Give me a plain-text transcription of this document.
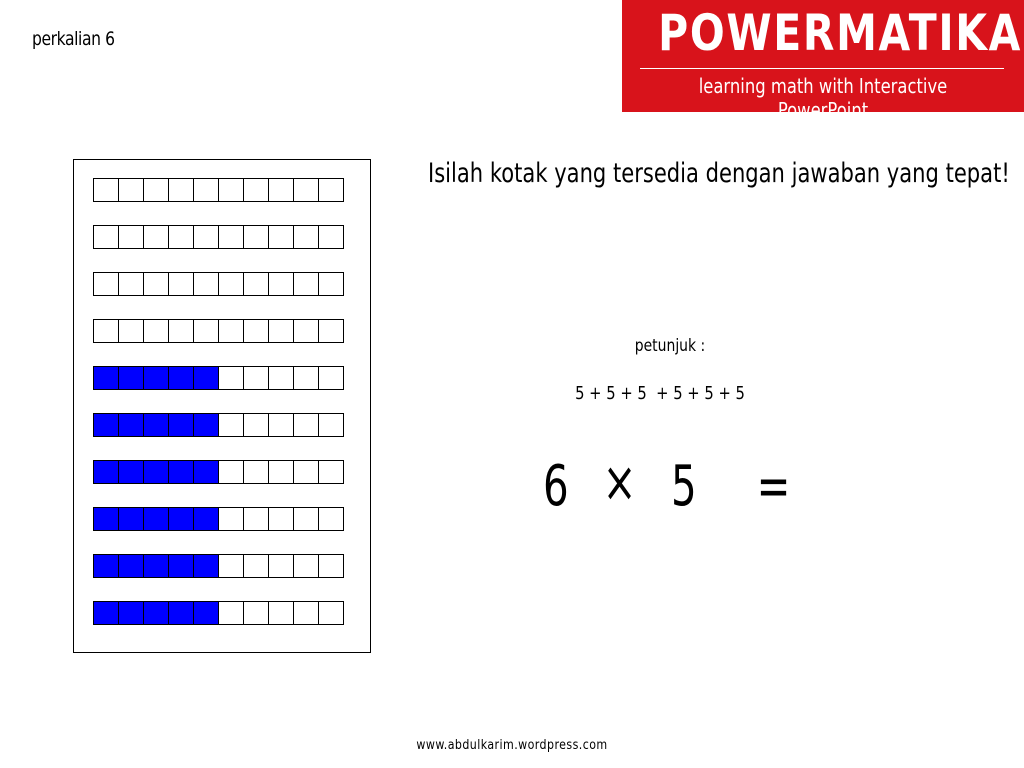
perkalian 6	POWERMATIKA
learning math with Interactive PowerPoint
Isilah kotak yang tersedia dengan jawaban yang tepat!
petunjuk :
5 + 5 + 5  + 5 + 5 + 5
6 × 5 =
www.abdulkarim.wordpress.com
